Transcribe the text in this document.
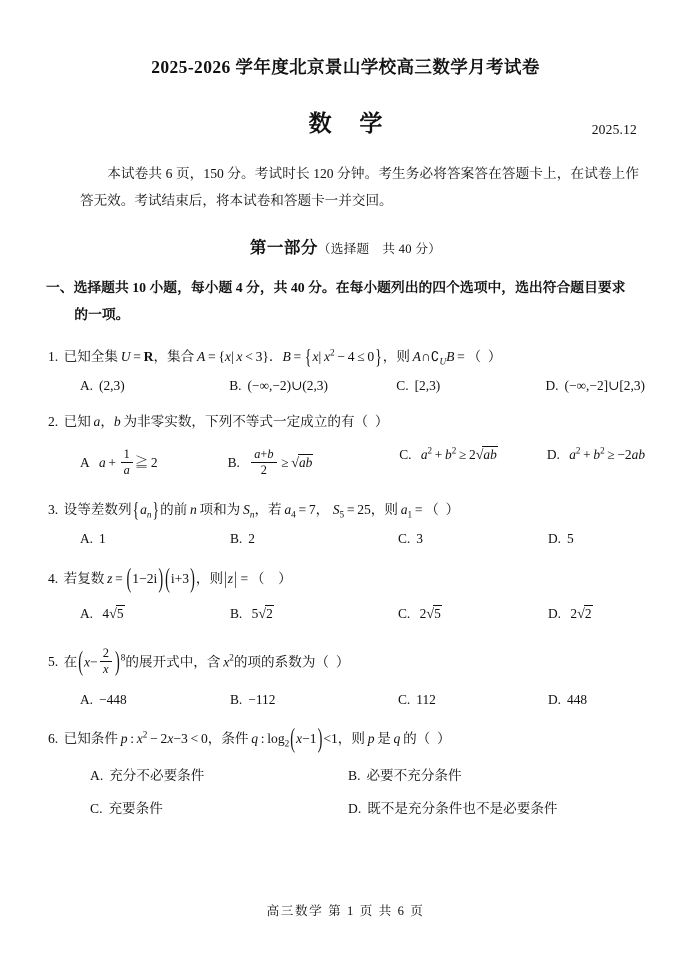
2025-2026 学年度北京景山学校高三数学月考试卷
数 学	2025.12
本试卷共 6 页，150 分。考试时长 120 分钟。考生务必将答案答在答题卡上，在试卷上作答无效。考试结束后，将本试卷和答题卡一并交回。
第一部分（选择题　共 40 分）
一、选择题共 10 小题，每小题 4 分，共 40 分。在每小题列出的四个选项中，选出符合题目要求
的一项。
1. 已知全集 U = R，集合 A = {x| x < 3}．B = {x| $x^2 - 4 \le 0$}，则 $A\cap∁_UB$ = （  ）
A. (2,3)	B. (−∞,−2)∪(2,3)	C. [2,3)	D. (−∞,−2]∪[2,3)
2. 已知 a，b 为非零实数，下列不等式一定成立的有（  ）
A $a + \frac{1}{a}$ ≧ 2	B. $\frac{a+b}{2} \ge √ab$
C. $a^2 + b^2 \ge 2√ab$	D. $a^2 + b^2 \ge -2ab$
3. 设等差数列$\{a_n\}$的前 n 项和为 $S_n$，若 $a_4 = 7$， $S_5 = 25$，则 $a_1$ = （  ）
A. 1	B. 2	C. 3	D. 5
4. 若复数 z = (1−2i) (i+3)，则|z| = （    ）
A. 4√5	B. 5√2	C. 2√5	D. 2√2
5. 在$(x- \frac{2}{x} )^8$的展开式中，含 $x^2$的项的系数为（  ）
A. −448	B. −112	C. 112	D. 448
6. 已知条件 p : $x^2 - 2x-3 < 0$，条件 q : $\log_2(x-1)<1$，则 p 是 q 的（  ）
A. 充分不必要条件	B. 必要不充分条件
C. 充要条件	D. 既不是充分条件也不是必要条件
高三数学 第 1 页 共 6 页
